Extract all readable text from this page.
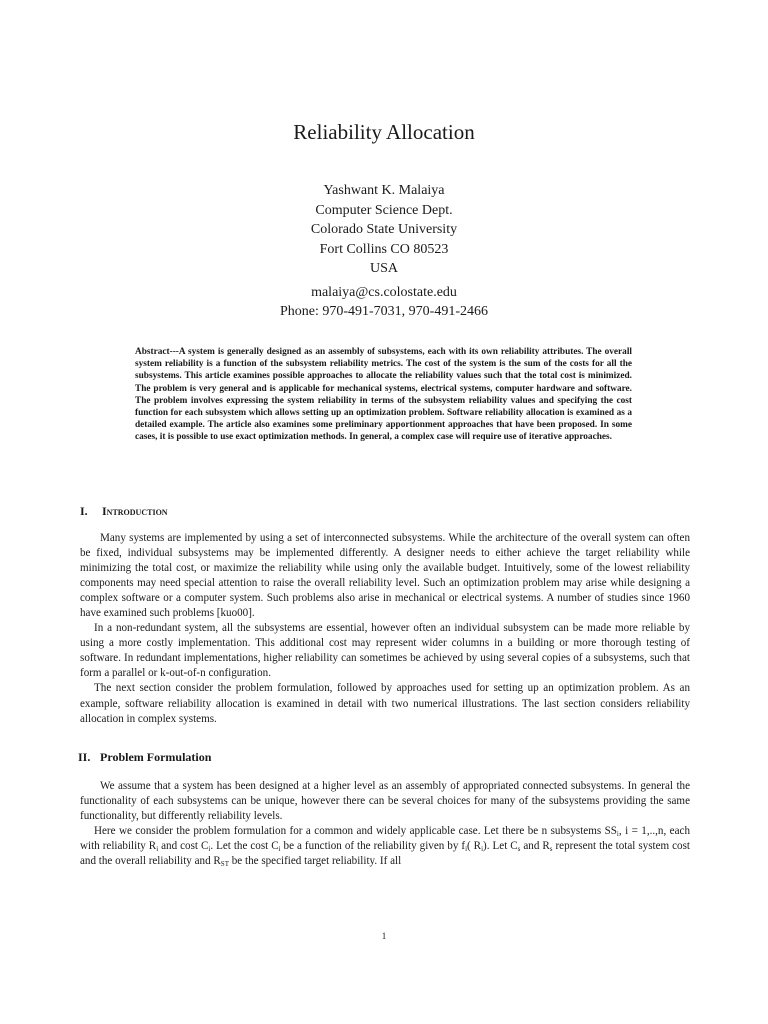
Reliability Allocation
Yashwant K. Malaiya
Computer Science Dept.
Colorado State University
Fort Collins CO 80523
USA
malaiya@cs.colostate.edu
Phone: 970-491-7031, 970-491-2466

Abstract---A system is generally designed as an assembly of subsystems, each with its own reliability attributes. The overall system reliability is a function of the subsystem reliability metrics. The cost of the system is the sum of the costs for all the subsystems. This article examines possible approaches to allocate the reliability values such that the total cost is minimized. The problem is very general and is applicable for mechanical systems, electrical systems, computer hardware and software. The problem involves expressing the system reliability in terms of the subsystem reliability values and specifying the cost function for each subsystem which allows setting up an optimization problem. Software reliability allocation is examined as a detailed example. The article also examines some preliminary apportionment approaches that have been proposed. In some cases, it is possible to use exact optimization methods. In general, a complex case will require use of iterative approaches.

I. Introduction

Many systems are implemented by using a set of interconnected subsystems. While the architecture of the overall system can often be fixed, individual subsystems may be implemented differently. A designer needs to either achieve the target reliability while minimizing the total cost, or maximize the reliability while using only the available budget. Intuitively, some of the lowest reliability components may need special attention to raise the overall reliability level. Such an optimization problem may arise while designing a complex software or a computer system. Such problems also arise in mechanical or electrical systems. A number of studies since 1960 have examined such problems [kuo00].

In a non-redundant system, all the subsystems are essential, however often an individual subsystem can be made more reliable by using a more costly implementation. This additional cost may represent wider columns in a building or more thorough testing of software. In redundant implementations, higher reliability can sometimes be achieved by using several copies of a subsystems, such that form a parallel or k-out-of-n configuration.

The next section consider the problem formulation, followed by approaches used for setting up an optimization problem. As an example, software reliability allocation is examined in detail with two numerical illustrations. The last section considers reliability allocation in complex systems.

II. Problem Formulation

We assume that a system has been designed at a higher level as an assembly of appropriated connected subsystems. In general the functionality of each subsystems can be unique, however there can be several choices for many of the subsystems providing the same functionality, but differently reliability levels.

Here we consider the problem formulation for a common and widely applicable case. Let there be n subsystems $SS_i$, i = 1,..,n, each with reliability $R_i$ and cost $C_i$. Let the cost $C_i$ be a function of the reliability given by $f_i$( $R_i$). Let $C_s$ and $R_s$ represent the total system cost and the overall reliability and $R_{ST}$ be the specified target reliability. If all

1
